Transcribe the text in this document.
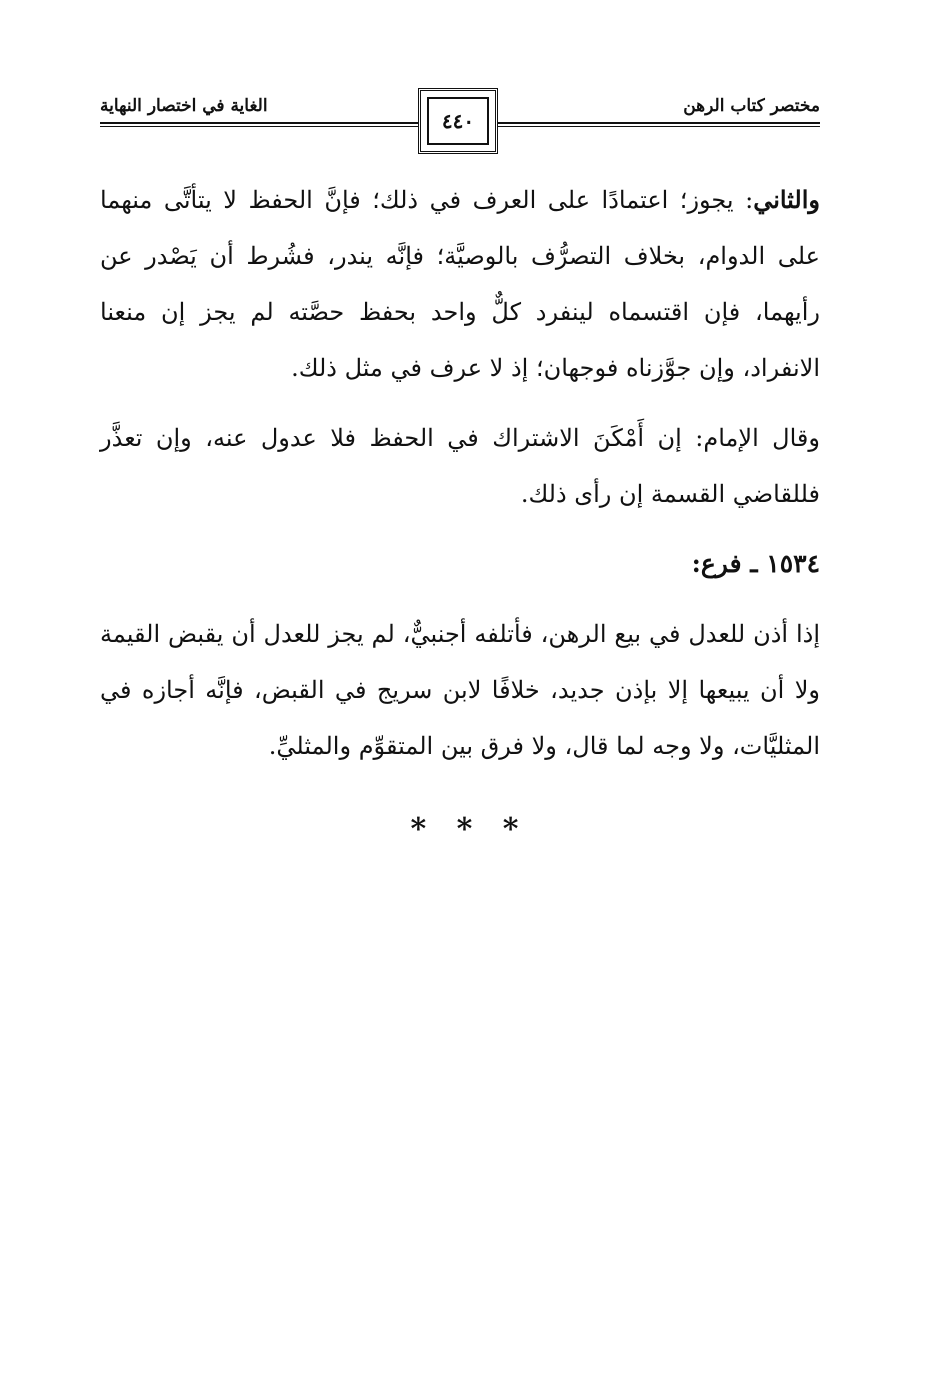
مختصر كتاب الرهن
الغاية في اختصار النهاية
٤٤٠

والثاني: يجوز؛ اعتمادًا على العرف في ذلك؛ فإنَّ الحفظ لا يتأتَّى منهما على الدوام، بخلاف التصرُّف بالوصيَّة؛ فإنَّه يندر، فشُرط أن يَصْدر عن رأيهما، فإن اقتسماه لينفرد كلٌّ واحد بحفظ حصَّته لم يجز إن منعنا الانفراد، وإن جوَّزناه فوجهان؛ إذ لا عرف في مثل ذلك.

وقال الإمام: إن أَمْكَنَ الاشتراك في الحفظ فلا عدول عنه، وإن تعذَّر فللقاضي القسمة إن رأى ذلك.

١٥٣٤ ـ فرع:

إذا أذن للعدل في بيع الرهن، فأتلفه أجنبيٌّ، لم يجز للعدل أن يقبض القيمة ولا أن يبيعها إلا بإذن جديد، خلافًا لابن سريج في القبض، فإنَّه أجازه في المثليَّات، ولا وجه لما قال، ولا فرق بين المتقوِّم والمثليِّ.

* * *
